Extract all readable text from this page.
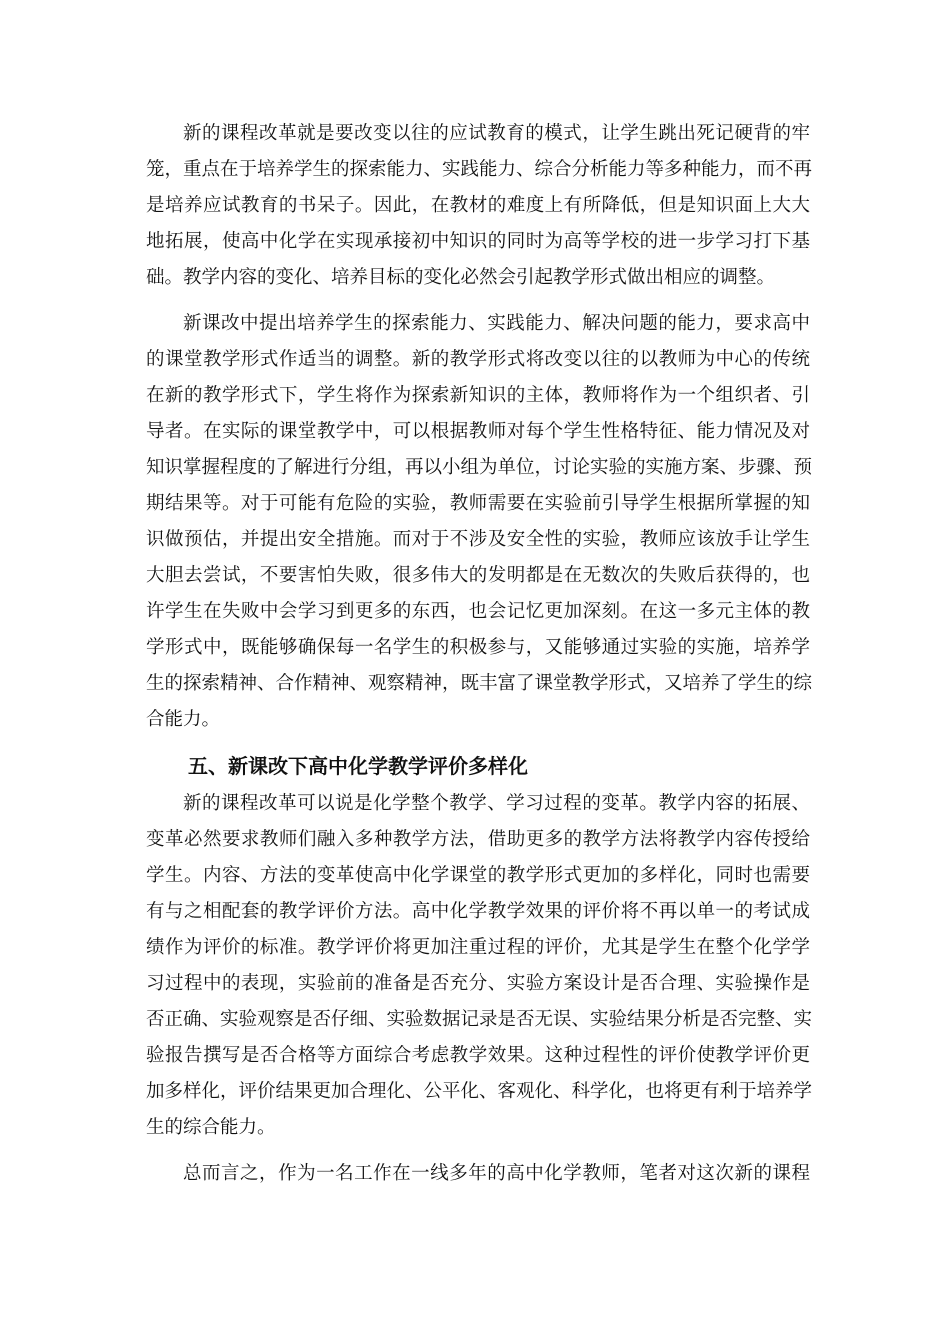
新的课程改革就是要改变以往的应试教育的模式，让学生跳出死记硬背的牢
笼，重点在于培养学生的探索能力、实践能力、综合分析能力等多种能力，而不再
是培养应试教育的书呆子。因此，在教材的难度上有所降低，但是知识面上大大
地拓展，使高中化学在实现承接初中知识的同时为高等学校的进一步学习打下基
础。教学内容的变化、培养目标的变化必然会引起教学形式做出相应的调整。
新课改中提出培养学生的探索能力、实践能力、解决问题的能力，要求高中
的课堂教学形式作适当的调整。新的教学形式将改变以往的以教师为中心的传统
在新的教学形式下，学生将作为探索新知识的主体，教师将作为一个组织者、引
导者。在实际的课堂教学中，可以根据教师对每个学生性格特征、能力情况及对
知识掌握程度的了解进行分组，再以小组为单位，讨论实验的实施方案、步骤、预
期结果等。对于可能有危险的实验，教师需要在实验前引导学生根据所掌握的知
识做预估，并提出安全措施。而对于不涉及安全性的实验，教师应该放手让学生
大胆去尝试，不要害怕失败，很多伟大的发明都是在无数次的失败后获得的，也
许学生在失败中会学习到更多的东西，也会记忆更加深刻。在这一多元主体的教
学形式中，既能够确保每一名学生的积极参与，又能够通过实验的实施，培养学
生的探索精神、合作精神、观察精神，既丰富了课堂教学形式，又培养了学生的综
合能力。
五、新课改下高中化学教学评价多样化
新的课程改革可以说是化学整个教学、学习过程的变革。教学内容的拓展、
变革必然要求教师们融入多种教学方法，借助更多的教学方法将教学内容传授给
学生。内容、方法的变革使高中化学课堂的教学形式更加的多样化，同时也需要
有与之相配套的教学评价方法。高中化学教学效果的评价将不再以单一的考试成
绩作为评价的标准。教学评价将更加注重过程的评价，尤其是学生在整个化学学
习过程中的表现，实验前的准备是否充分、实验方案设计是否合理、实验操作是
否正确、实验观察是否仔细、实验数据记录是否无误、实验结果分析是否完整、实
验报告撰写是否合格等方面综合考虑教学效果。这种过程性的评价使教学评价更
加多样化，评价结果更加合理化、公平化、客观化、科学化，也将更有利于培养学
生的综合能力。
总而言之，作为一名工作在一线多年的高中化学教师，笔者对这次新的课程
